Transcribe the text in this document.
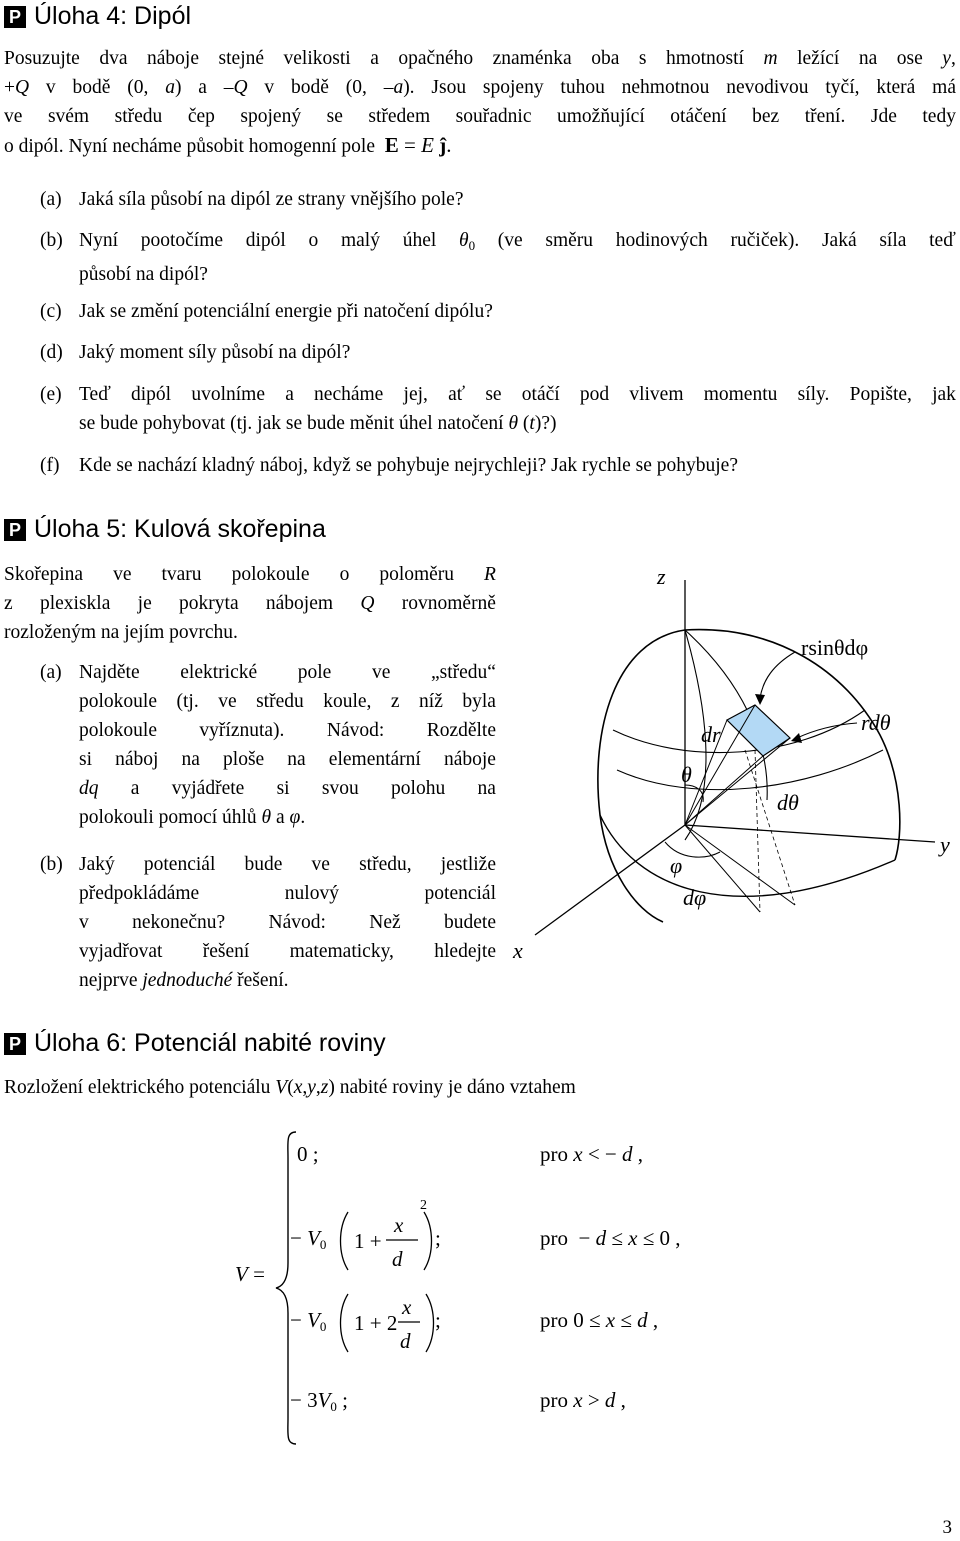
P Úloha 4: Dipól
Posuzujte dva náboje stejné velikosti a opačného znaménka oba s hmotností m ležící na ose y,
+Q v bodě (0, a) a –Q v bodě (0, –a). Jsou spojeny tuhou nehmotnou nevodivou tyčí, která má
ve svém středu čep spojený se středem souřadnic umožňující otáčení bez tření. Jde tedy
o dipól. Nyní necháme působit homogenní pole  E = E ĵ.
(a) Jaká síla působí na dipól ze strany vnějšího pole?
(b) Nyní pootočíme dipól o malý úhel $\theta_0$ (ve směru hodinových ručiček). Jaká síla teď
působí na dipól?
(c) Jak se změní potenciální energie při natočení dipólu?
(d) Jaký moment síly působí na dipól?
(e) Teď dipól uvolníme a necháme jej, ať se otáčí pod vlivem momentu síly. Popište, jak
se bude pohybovat (tj. jak se bude měnit úhel natočení θ (t)?)
(f) Kde se nachází kladný náboj, když se pohybuje nejrychleji? Jak rychle se pohybuje?
P Úloha 5: Kulová skořepina
Skořepina ve tvaru polokoule o poloměru R
z plexiskla je pokryta nábojem Q rovnoměrně
rozloženým na jejím povrchu.
(a) Najděte elektrické pole ve „středu“
polokoule (tj. ve středu koule, z níž byla
polokoule vyříznuta). Návod: Rozdělte
si náboj na ploše na elementární náboje
dq a vyjádřete si svou polohu na
polokouli pomocí úhlů θ a φ.
(b) Jaký potenciál bude ve středu, jestliže
předpokládáme	nulový	potenciál
v nekonečnu? Návod: Než budete
vyjadřovat řešení matematicky, hledejte
nejprve jednoduché řešení.
z
y
x
rsinθdφ
rdθ
dr
θ
dθ
φ
dφ
P Úloha 6: Potenciál nabité roviny
Rozložení elektrického potenciálu V(x,y,z) nabité roviny je dáno vztahem
V =
0 ;	pro x < − d ,
− $V_0$ 1 +
x
d
2
;	pro  − d ≤ x ≤ 0 ,
− $V_0$ 1 + 2
x
d
;	pro 0 ≤ x ≤ d ,
− $3V_0$ ;	pro x > d ,
3
